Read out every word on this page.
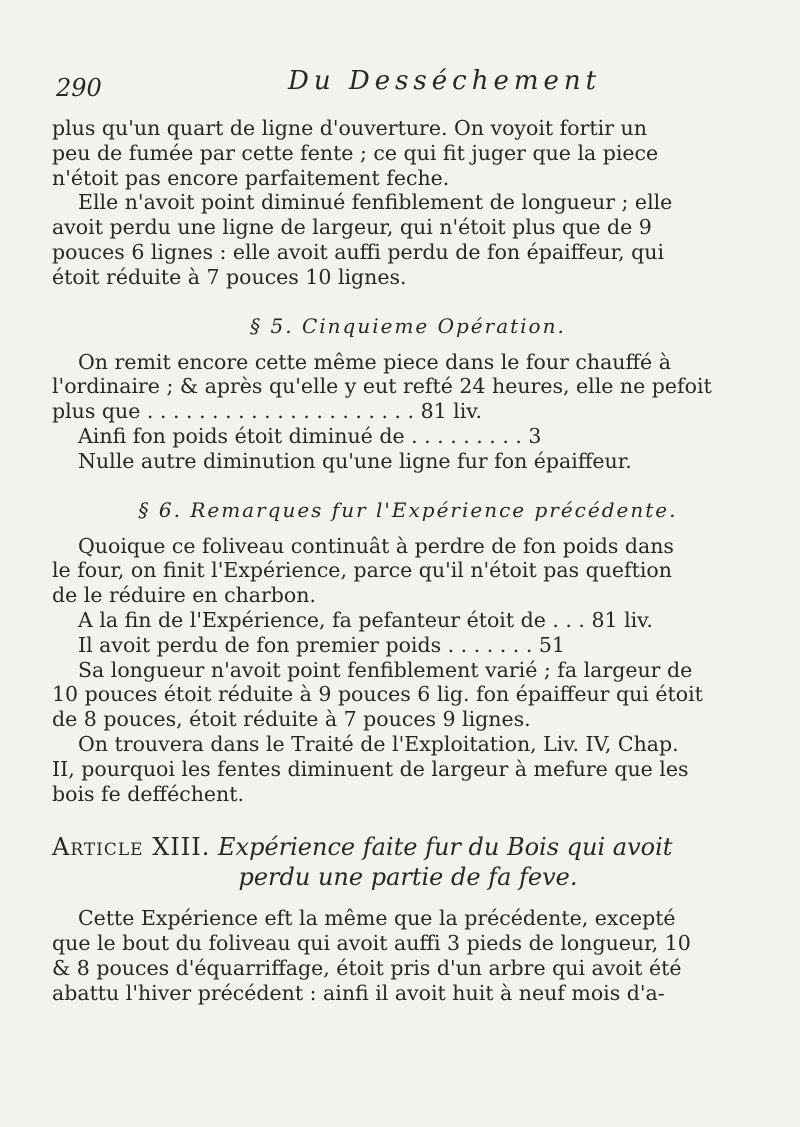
290	Du Desséchement

plus qu'un quart de ligne d'ouverture. On voyoit fortir un
peu de fumée par cette fente ; ce qui fit juger que la piece
n'étoit pas encore parfaitement feche.

Elle n'avoit point diminué fenfiblement de longueur ; elle
avoit perdu une ligne de largeur, qui n'étoit plus que de 9
pouces 6 lignes : elle avoit auffi perdu de fon épaiffeur, qui
étoit réduite à 7 pouces 10 lignes.

§ 5. Cinquieme Opération.

On remit encore cette même piece dans le four chauffé à
l'ordinaire ; & après qu'elle y eut refté 24 heures, elle ne pefoit
plus que . . . . . . . . . . . . . . . . . . . . . 81 liv.
Ainfi fon poids étoit diminué de . . . . . . . . . 3
Nulle autre diminution qu'une ligne fur fon épaiffeur.

§ 6. Remarques fur l'Expérience précédente.

Quoique ce foliveau continuât à perdre de fon poids dans
le four, on finit l'Expérience, parce qu'il n'étoit pas queftion
de le réduire en charbon.

A la fin de l'Expérience, fa pefanteur étoit de . . . 81 liv.
Il avoit perdu de fon premier poids . . . . . . . 51
Sa longueur n'avoit point fenfiblement varié ; fa largeur de
10 pouces étoit réduite à 9 pouces 6 lig. fon épaiffeur qui étoit
de 8 pouces, étoit réduite à 7 pouces 9 lignes.

On trouvera dans le Traité de l'Exploitation, Liv. IV, Chap.
II, pourquoi les fentes diminuent de largeur à mefure que les
bois fe defféchent.

Article XIII. Expérience faite fur du Bois qui avoit
perdu une partie de fa feve.

Cette Expérience eft la même que la précédente, excepté
que le bout du foliveau qui avoit auffi 3 pieds de longueur, 10
& 8 pouces d'équarriffage, étoit pris d'un arbre qui avoit été
abattu l'hiver précédent : ainfi il avoit huit à neuf mois d'a-
